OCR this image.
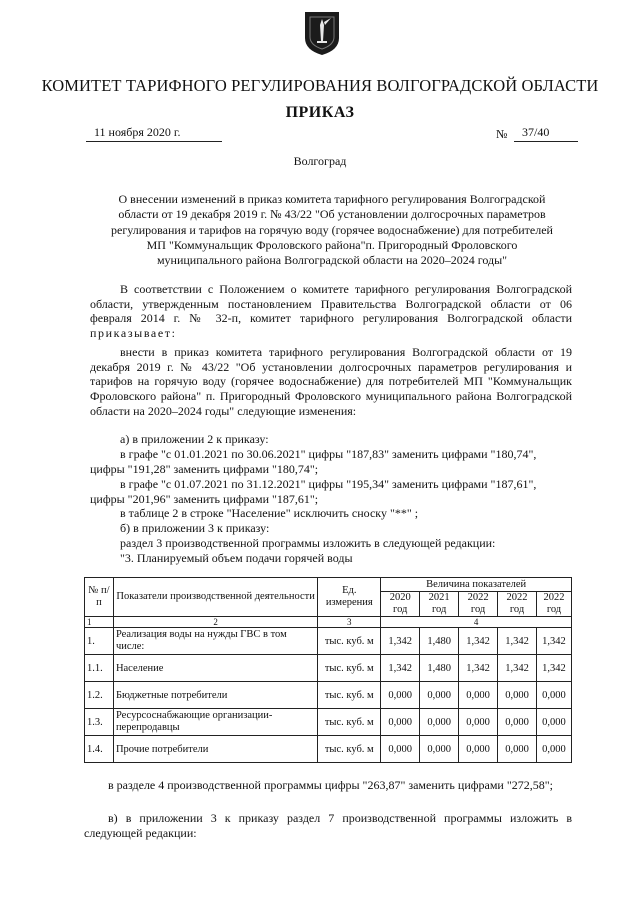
КОМИТЕТ ТАРИФНОГО РЕГУЛИРОВАНИЯ ВОЛГОГРАДСКОЙ ОБЛАСТИ
ПРИКАЗ
11 ноября 2020 г.	№	37/40
Волгоград
О внесении изменений в приказ комитета тарифного регулирования Волгоградской
области от 19 декабря 2019 г. № 43/22 "Об установлении долгосрочных параметров
регулирования и тарифов на горячую воду (горячее водоснабжение) для потребителей
МП "Коммунальщик Фроловского района"п. Пригородный Фроловского
муниципального района Волгоградской области на 2020–2024 годы"

В соответствии с Положением о комитете тарифного регулирования Волгоградской области, утвержденным постановлением Правительства Волгоградской области от 06 февраля 2014 г. № 32-п, комитет тарифного регулирования Волгоградской области приказывает:

внести в приказ комитета тарифного регулирования Волгоградской области от 19 декабря 2019 г. № 43/22 "Об установлении долгосрочных параметров регулирования и тарифов на горячую воду (горячее водоснабжение) для потребителей МП "Коммунальщик Фроловского района" п. Пригородный Фроловского муниципального района Волгоградской области на 2020–2024 годы" следующие изменения:

а) в приложении 2 к приказу:

в графе "с 01.01.2021 по 30.06.2021" цифры "187,83" заменить цифрами "180,74",
цифры "191,28" заменить цифрами "180,74";

в графе "с 01.07.2021 по 31.12.2021" цифры "195,34" заменить цифрами "187,61",
цифры "201,96" заменить цифрами "187,61";

в таблице 2 в строке "Население" исключить сноску "**" ;
б) в приложении 3 к приказу:
раздел 3 производственной программы изложить в следующей редакции:
"3. Планируемый объем подачи горячей воды
№ п/п	Показатели производственной деятельности	Ед. измерения	Величина показателей				
			2020 год	2021 год	2022 год	2022 год	2022 год
1	2	3	4				
1.	Реализация воды на нужды ГВС в том числе:	тыс. куб. м	1,342	1,480	1,342	1,342	1,342
1.1.	Население	тыс. куб. м	1,342	1,480	1,342	1,342	1,342
1.2.	Бюджетные потребители	тыс. куб. м	0,000	0,000	0,000	0,000	0,000
1.3.	Ресурсоснабжающие организации-перепродавцы	тыс. куб. м	0,000	0,000	0,000	0,000	0,000
1.4.	Прочие потребители	тыс. куб. м	0,000	0,000	0,000	0,000	0,000

в разделе 4 производственной программы цифры "263,87" заменить цифрами "272,58";

в) в приложении 3 к приказу раздел 7 производственной программы изложить в следующей редакции:
